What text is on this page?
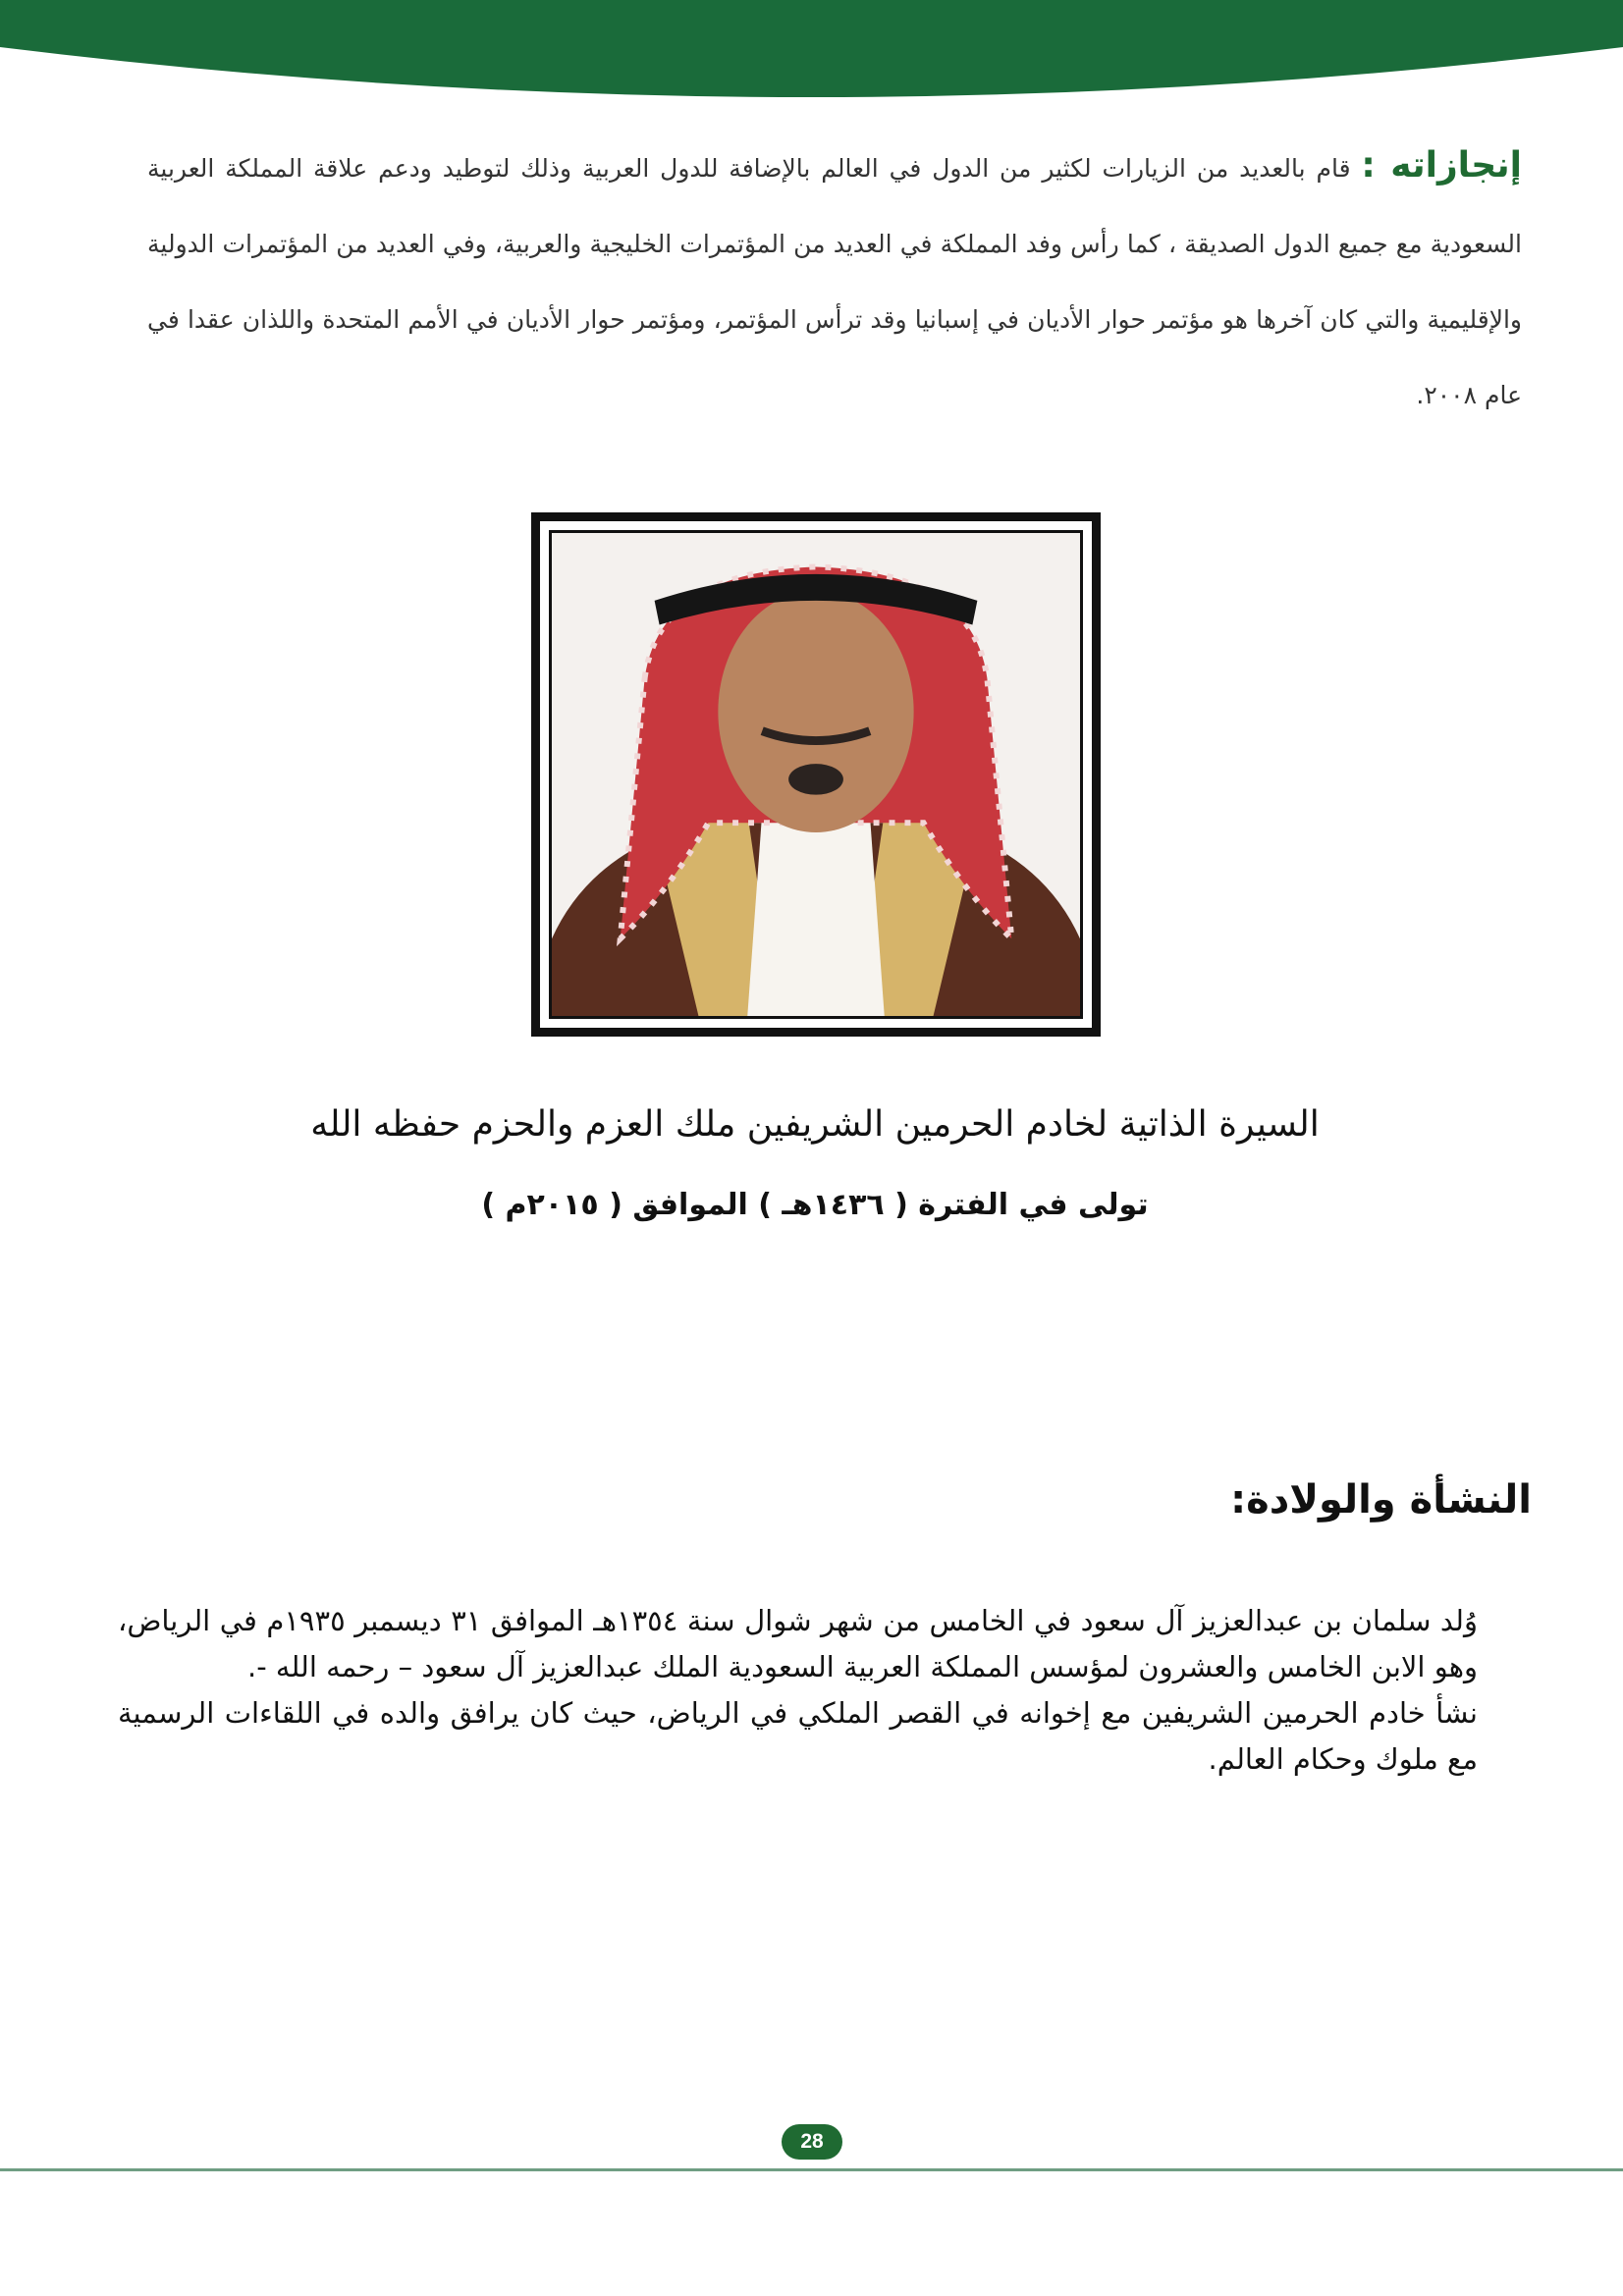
إنجازاته : قام بالعديد من الزيارات لكثير من الدول في العالم بالإضافة للدول العربية وذلك لتوطيد ودعم علاقة المملكة العربية السعودية مع جميع الدول الصديقة ، كما رأس وفد المملكة في العديد من المؤتمرات الخليجية والعربية، وفي العديد من المؤتمرات الدولية والإقليمية والتي كان آخرها هو مؤتمر حوار الأديان في إسبانيا وقد ترأس المؤتمر، ومؤتمر حوار الأديان في الأمم المتحدة واللذان عقدا في عام ٢٠٠٨.
السيرة الذاتية لخادم الحرمين الشريفين ملك العزم والحزم حفظه الله
تولى في الفترة ( ١٤٣٦هـ ) الموافق ( ٢٠١٥م )
النشأة والولادة:

وُلد سلمان بن عبدالعزيز آل سعود في الخامس من شهر شوال سنة ١٣٥٤هـ الموافق ٣١ ديسمبر ١٩٣٥م في الرياض، وهو الابن الخامس والعشرون لمؤسس المملكة العربية السعودية الملك عبدالعزيز آل سعود – رحمه الله -.

نشأ خادم الحرمين الشريفين مع إخوانه في القصر الملكي في الرياض، حيث كان يرافق والده في اللقاءات الرسمية مع ملوك وحكام العالم.

28
